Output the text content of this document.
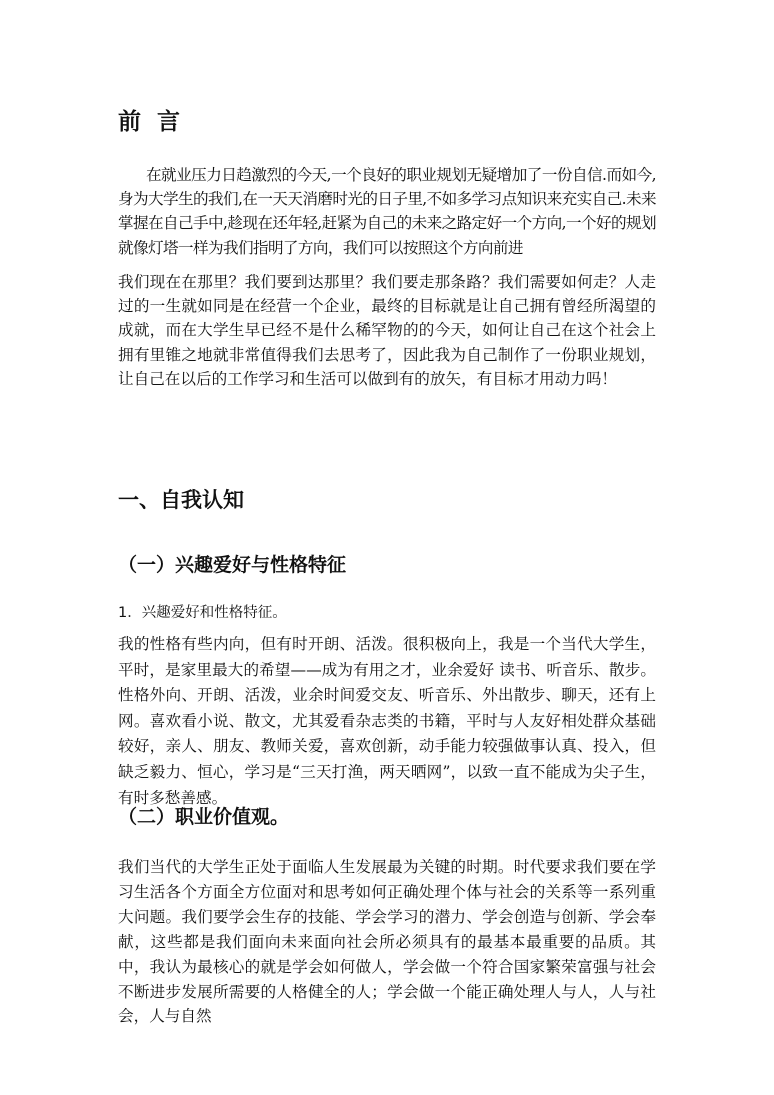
前 言

在就业压力日趋激烈的今天,一个良好的职业规划无疑增加了一份自信.而如今,身为大学生的我们,在一天天消磨时光的日子里,不如多学习点知识来充实自己.未来掌握在自己手中,趁现在还年轻,赶紧为自己的未来之路定好一个方向,一个好的规划就像灯塔一样为我们指明了方向，我们可以按照这个方向前进

我们现在在那里？我们要到达那里？我们要走那条路？我们需要如何走？人走过的一生就如同是在经营一个企业，最终的目标就是让自己拥有曾经所渴望的成就，而在大学生早已经不是什么稀罕物的的今天，如何让自己在这个社会上拥有里锥之地就非常值得我们去思考了，因此我为自己制作了一份职业规划，让自己在以后的工作学习和生活可以做到有的放矢，有目标才用动力吗！

一、自我认知
（一）兴趣爱好与性格特征

1．兴趣爱好和性格特征。

我的性格有些内向，但有时开朗、活泼。很积极向上，我是一个当代大学生，平时，是家里最大的希望——成为有用之才，业余爱好 读书、听音乐、散步。性格外向、开朗、活泼，业余时间爱交友、听音乐、外出散步、聊天，还有上网。喜欢看小说、散文，尤其爱看杂志类的书籍，平时与人友好相处群众基础较好，亲人、朋友、教师关爱，喜欢创新，动手能力较强做事认真、投入，但缺乏毅力、恒心，学习是“三天打渔，两天晒网”，以致一直不能成为尖子生，有时多愁善感。

（二）职业价值观。

我们当代的大学生正处于面临人生发展最为关键的时期。时代要求我们要在学习生活各个方面全方位面对和思考如何正确处理个体与社会的关系等一系列重大问题。我们要学会生存的技能、学会学习的潜力、学会创造与创新、学会奉献，这些都是我们面向未来面向社会所必须具有的最基本最重要的品质。其中，我认为最核心的就是学会如何做人，学会做一个符合国家繁荣富强与社会不断进步发展所需要的人格健全的人；学会做一个能正确处理人与人，人与社会，人与自然
